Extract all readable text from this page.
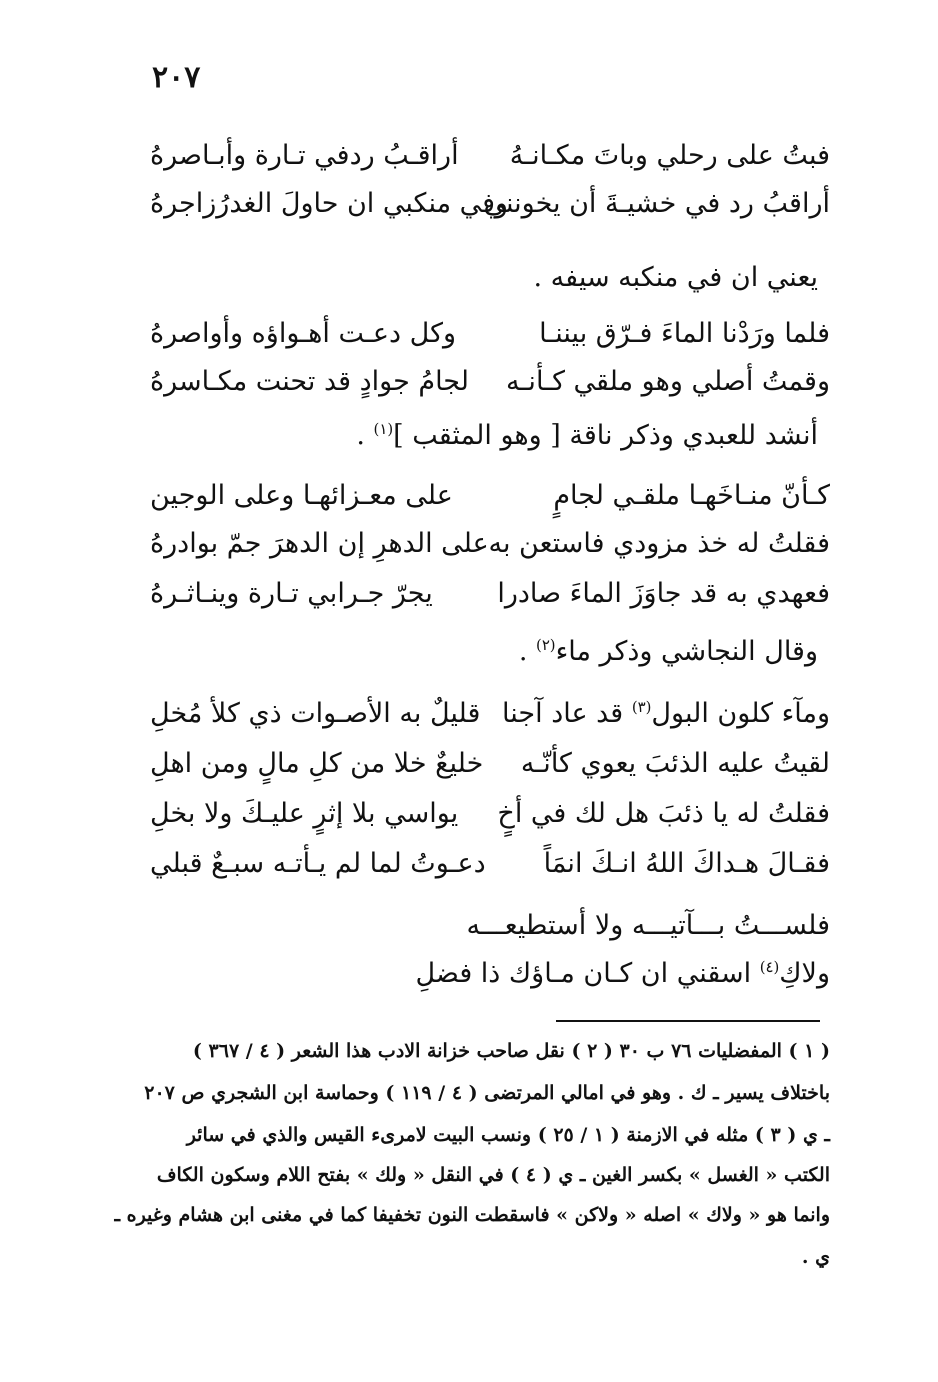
٢٠٧
فبتُ على رحلي وباتَ مكـانـهُ
أراقـبُ ردفي تـارة وأبـاصرهُ
أراقبُ رد في خشيـةَ أن يخونني
وفي منكبي ان حاولَ الغدرُزاجرهُ
يعني ان في منكبه سيفه .
فلما ورَدْنا الماءَ فـرّق بيننـا
وكل دعـت أهـواؤه وأواصرهُ
وقمتُ أصلي وهو ملقي كـأنـه
لجامُ جوادٍ قد تحنت مكـاسرهُ
أنشد للعبدي وذكر ناقة [ وهو المثقب ]$^{(١)}$ .
كـأنّ منـاخَهـا ملقـي لجامٍ
على معـزائهـا وعلى الوجين
فقلتُ له خذ مزودي فاستعن به
على الدهرِ إن الدهرَ جمّ بوادرهُ
فعهدي به قد جاوَزَ الماءَ صادرا
يجرّ جـرابي تـارة وينـاثـرهُ
وقال النجاشي وذكر ماء$^{(٢)}$ .
ومآء كلون البول$^{(٣)}$ قد عاد آجنا
قليلٌ به الأصـوات ذي كلأ مُخلِ
لقيتُ عليه الذئبَ يعوي كأنّـه
خليعٌ خلا من كلِ مالٍ ومن اهلِ
فقلتُ له يا ذئبَ هل لك في أخٍ
يواسي بلا إثرٍ عليـكَ ولا بخلِ
فقـالَ هـداكَ اللهُ انـكَ انمَاً
دعـوتُ لما لم يـأتـه سبـعٌ قبلي
فلســـتُ بـــآتيـــه ولا أستطيعـــه
ولاكِ$^{(٤)}$ اسقني ان كـان مـاؤك ذا فضلِ
( ١ ) المفضليات ٧٦ ب ٣٠ ( ٢ ) نقل صاحب خزانة الادب هذا الشعر ( ٤ / ٣٦٧ )
باختلاف يسير ـ ك . وهو في امالي المرتضى ( ٤ / ١١٩ ) وحماسة ابن الشجري ص ٢٠٧
ـ ي ( ٣ ) مثله في الازمنة ( ١ / ٢٥ ) ونسب البيت لامرىء القيس والذي في سائر
الكتب « الغسل » بكسر الغين ـ ي ( ٤ ) في النقل « ولك » بفتح اللام وسكون الكاف
وانما هو « ولاك » اصله « ولاكن » فاسقطت النون تخفيفا كما في مغنى ابن هشام وغيره ـ
ي .
